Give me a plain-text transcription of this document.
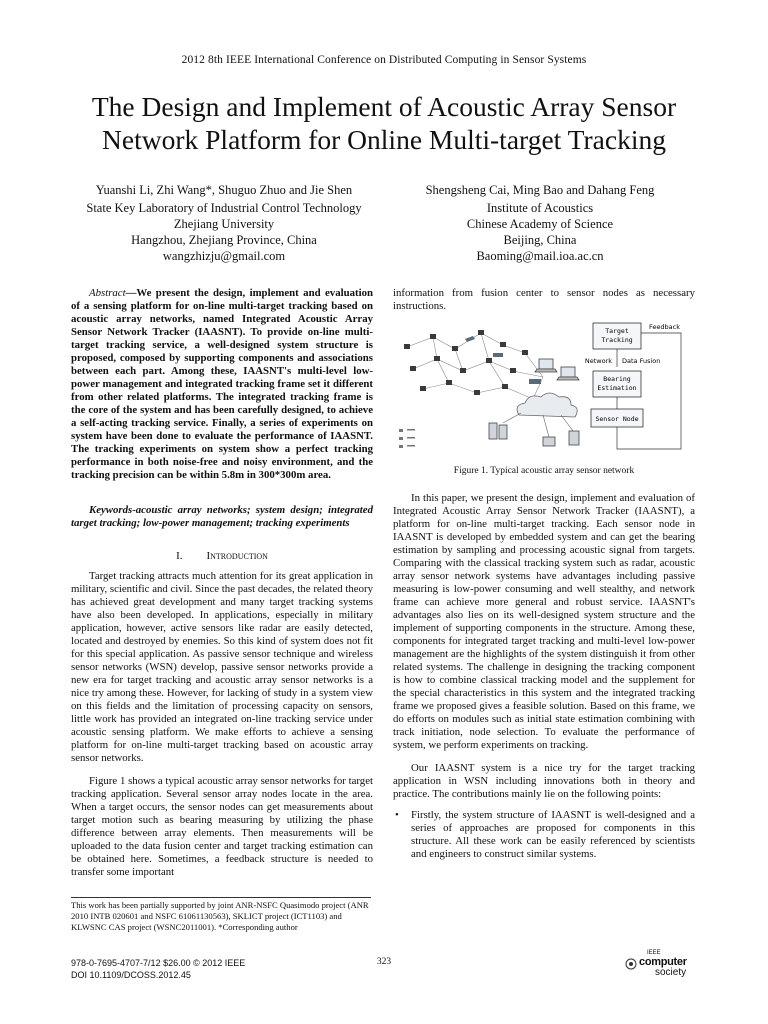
2012 8th IEEE International Conference on Distributed Computing in Sensor Systems
The Design and Implement of Acoustic Array Sensor
Network Platform for Online Multi-target Tracking
Yuanshi Li, Zhi Wang*, Shuguo Zhuo and Jie Shen
State Key Laboratory of Industrial Control Technology
Zhejiang University
Hangzhou, Zhejiang Province, China
wangzhizju@gmail.com
Shengsheng Cai, Ming Bao and Dahang Feng
Institute of Acoustics
Chinese Academy of Science
Beijing, China
Baoming@mail.ioa.ac.cn

Abstract—We present the design, implement and evaluation of a sensing platform for on-line multi-target tracking based on acoustic array networks, named Integrated Acoustic Array Sensor Network Tracker (IAASNT). To provide on-line multi-target tracking service, a well-designed system structure is proposed, composed by supporting components and associations between each part. Among these, IAASNT's multi-level low-power management and integrated tracking frame set it different from other related platforms. The integrated tracking frame is the core of the system and has been carefully designed, to achieve a self-acting tracking service. Finally, a series of experiments on system have been done to evaluate the performance of IAASNT. The tracking experiments on system show a perfect tracking performance in both noise-free and noisy environment, and the tracking precision can be within 5.8m in 300*300m area.

Keywords-acoustic array networks; system design; integrated target tracking; low-power management; tracking experiments

I. Introduction

Target tracking attracts much attention for its great application in military, scientific and civil. Since the past decades, the related theory has achieved great development and many target tracking systems have also been developed. In applications, especially in military application, however, active sensors like radar are easily detected, located and destroyed by enemies. So this kind of system does not fit for this special application. As passive sensor technique and wireless sensor networks (WSN) develop, passive sensor networks provide a new era for target tracking and acoustic array sensor networks is a nice try among these. However, for lacking of study in a system view on this fields and the limitation of processing capacity on sensors, little work has provided an integrated on-line tracking service under acoustic sensing platform. We make efforts to achieve a sensing platform for on-line multi-target tracking based on acoustic array sensor networks.

Figure 1 shows a typical acoustic array sensor networks for target tracking application. Several sensor array nodes locate in the area. When a target occurs, the sensor nodes can get measurements about target motion such as bearing measuring by utilizing the phase difference between array elements. Then measurements will be uploaded to the data fusion center and target tracking estimation can be obtained here. Sometimes, a feedback structure is needed to transfer some important

information from fusion center to sensor nodes as necessary instructions.

Target
Tracking
Feedback
Network Data Fusion
Bearing
Estimation
Sensor Node
Figure 1. Typical acoustic array sensor network

In this paper, we present the design, implement and evaluation of Integrated Acoustic Array Sensor Network Tracker (IAASNT), a platform for on-line multi-target tracking. Each sensor node in IAASNT is developed by embedded system and can get the bearing estimation by sampling and processing acoustic signal from targets. Comparing with the classical tracking system such as radar, acoustic array sensor network systems have advantages including passive measuring is low-power consuming and well stealthy, and network frame can achieve more general and robust service. IAASNT's advantages also lies on its well-designed system structure and the implement of supporting components in the structure. Among these, components for integrated target tracking and multi-level low-power management are the highlights of the system distinguish it from other related systems. The challenge in designing the tracking component is how to combine classical tracking model and the supplement for the special characteristics in this system and the integrated tracking frame we proposed gives a feasible solution. Based on this frame, we do efforts on modules such as initial state estimation combining with track initiation, node selection. To evaluate the performance of system, we perform experiments on tracking.

Our IAASNT system is a nice try for the target tracking application in WSN including innovations both in theory and practice. The contributions mainly lie on the following points:

• Firstly, the system structure of IAASNT is well-designed and a series of approaches are proposed for components in this structure. All these work can be easily referenced by scientists and engineers to construct similar systems.
This work has been partially supported by joint ANR-NSFC Quasimodo project (ANR 2010 INTB 020601 and NSFC 61061130563), SKLICT project (ICT1103) and KLWSNC CAS project (WSNC2011001). *Corresponding author
978-0-7695-4707-7/12 $26.00 © 2012 IEEE
DOI 10.1109/DCOSS.2012.45
323
IEEE
computer
society
